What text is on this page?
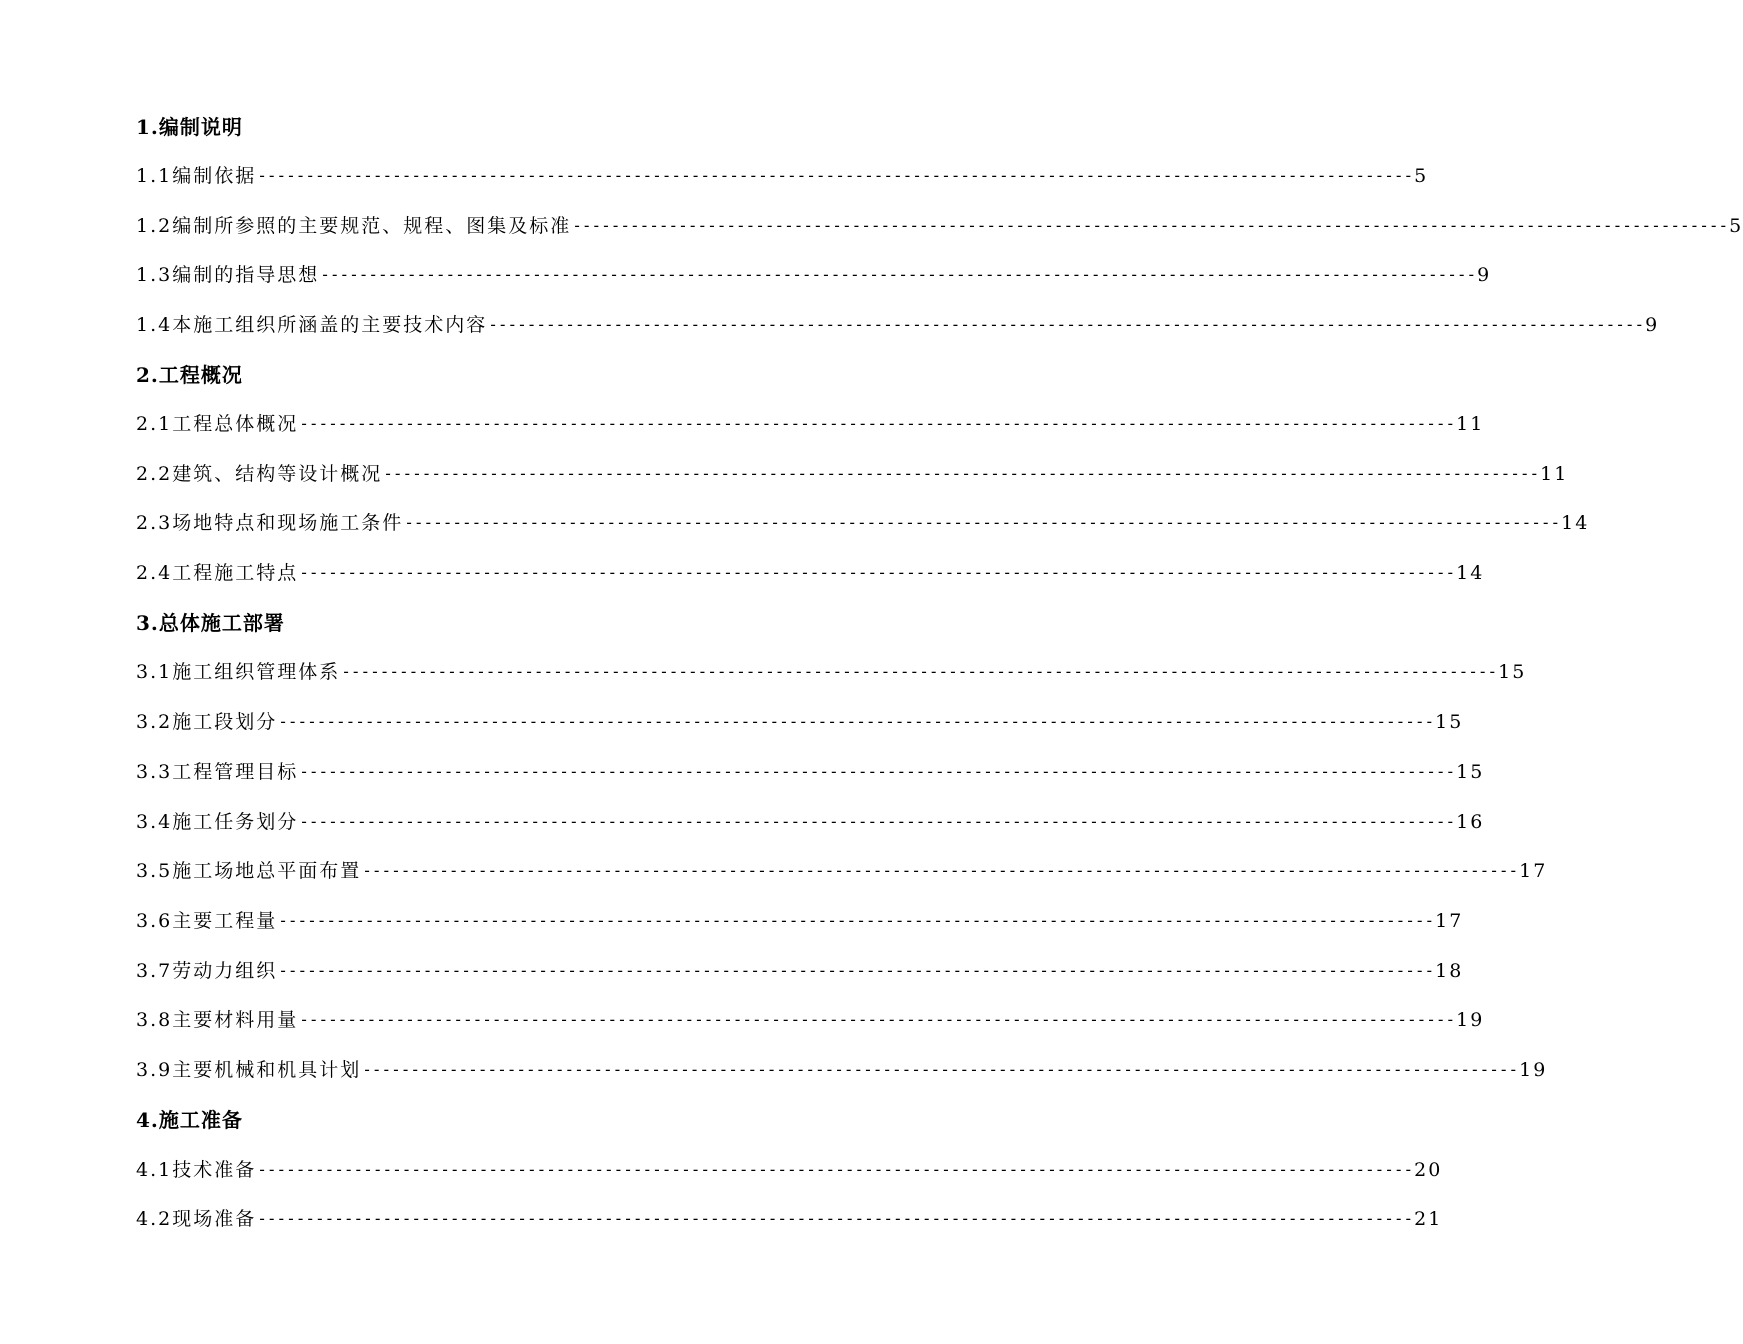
1.编制说明
1.1编制依据 ------------------------------------------------------------------------------------------------------------------------ 5
1.2编制所参照的主要规范、规程、图集及标准 ------------------------------------------------------------------------------------------------------------------------ 5
1.3编制的指导思想 ------------------------------------------------------------------------------------------------------------------------ 9
1.4本施工组织所涵盖的主要技术内容 ------------------------------------------------------------------------------------------------------------------------ 9
2.工程概况
2.1工程总体概况 ------------------------------------------------------------------------------------------------------------------------ 11
2.2建筑、结构等设计概况 ------------------------------------------------------------------------------------------------------------------------ 11
2.3场地特点和现场施工条件 ------------------------------------------------------------------------------------------------------------------------ 14
2.4工程施工特点 ------------------------------------------------------------------------------------------------------------------------ 14
3.总体施工部署
3.1施工组织管理体系 ------------------------------------------------------------------------------------------------------------------------ 15
3.2施工段划分 ------------------------------------------------------------------------------------------------------------------------ 15
3.3工程管理目标 ------------------------------------------------------------------------------------------------------------------------ 15
3.4施工任务划分 ------------------------------------------------------------------------------------------------------------------------ 16
3.5施工场地总平面布置 ------------------------------------------------------------------------------------------------------------------------ 17
3.6主要工程量 ------------------------------------------------------------------------------------------------------------------------ 17
3.7劳动力组织 ------------------------------------------------------------------------------------------------------------------------ 18
3.8主要材料用量 ------------------------------------------------------------------------------------------------------------------------ 19
3.9主要机械和机具计划 ------------------------------------------------------------------------------------------------------------------------ 19
4.施工准备
4.1技术准备 ------------------------------------------------------------------------------------------------------------------------ 20
4.2现场准备 ------------------------------------------------------------------------------------------------------------------------ 21
